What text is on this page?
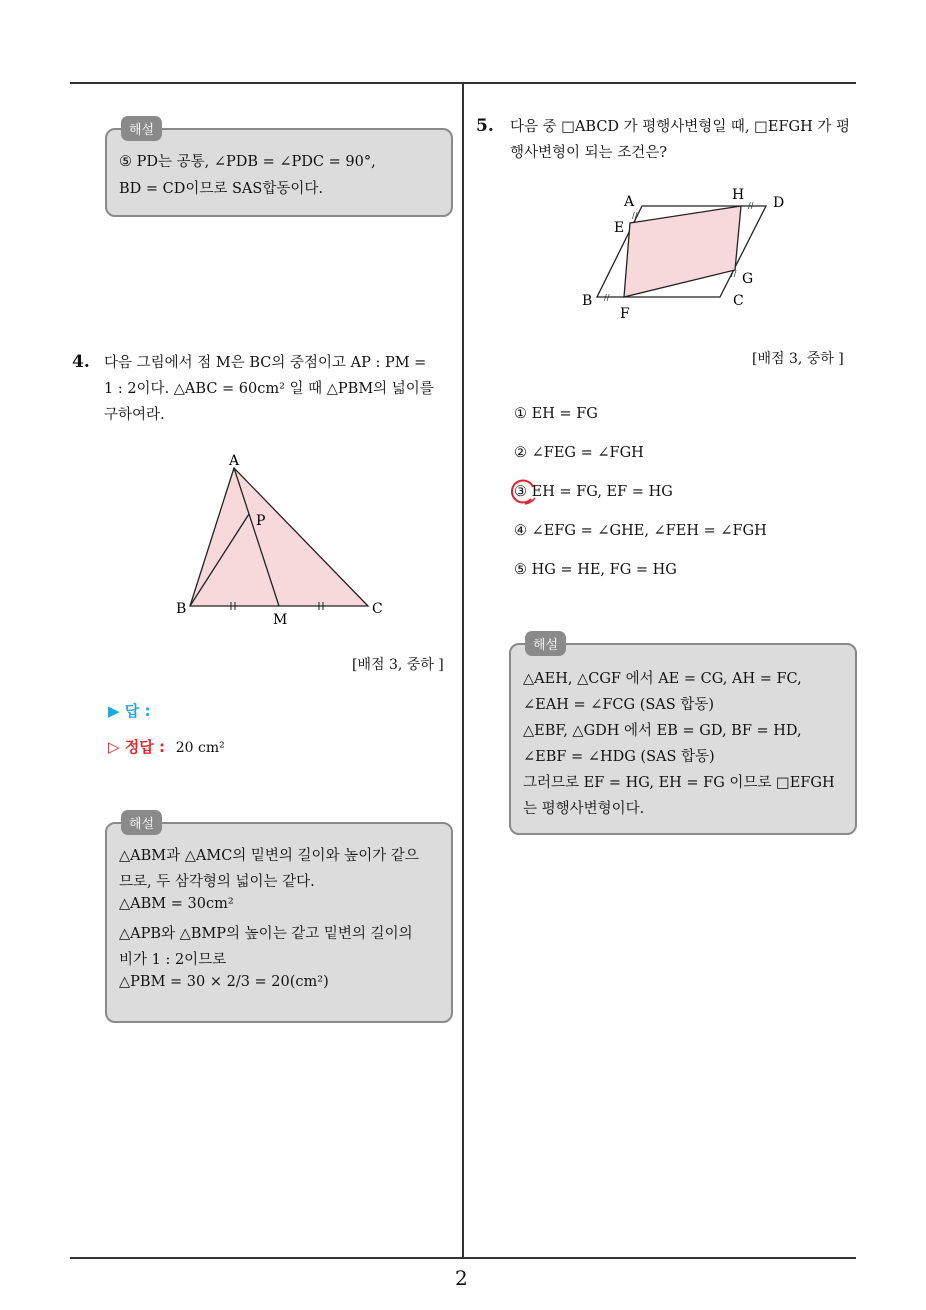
해설
⑤ PD는 공통, ∠PDB = ∠PDC = 90°,
BD = CD이므로 SAS합동이다.
4. 다음 그림에서 점 M은 BC의 중점이고 AP : PM =
1 : 2이다. △ABC = 60cm² 일 때 △PBM의 넓이를
구하여라.
A
P
B
M
C
[배점 3, 중하 ]
▶ 답 :
▷ 정답 : 20 cm²
해설
△ABM과 △AMC의 밑변의 길이와 높이가 같으
므로, 두 삼각형의 넓이는 같다.
△ABM = 30cm²
△APB와 △BMP의 높이는 같고 밑변의 길이의
비가 1 : 2이므로
△PBM = 30 × 2/3 = 20(cm²)
5. 다음 중 □ABCD 가 평행사변형일 때, □EFGH 가 평
행사변형이 되는 조건은?
//
//
//
//
A	H D
E
G
B
F
C
[배점 3, 중하 ]
① EH = FG
② ∠FEG = ∠FGH
③ EH = FG, EF = HG
④ ∠EFG = ∠GHE, ∠FEH = ∠FGH
⑤ HG = HE, FG = HG
해설
△AEH, △CGF 에서 AE = CG, AH = FC,
∠EAH = ∠FCG (SAS 합동)
△EBF, △GDH 에서 EB = GD, BF = HD,
∠EBF = ∠HDG (SAS 합동)
그러므로 EF = HG, EH = FG 이므로 □EFGH
는 평행사변형이다.
2
